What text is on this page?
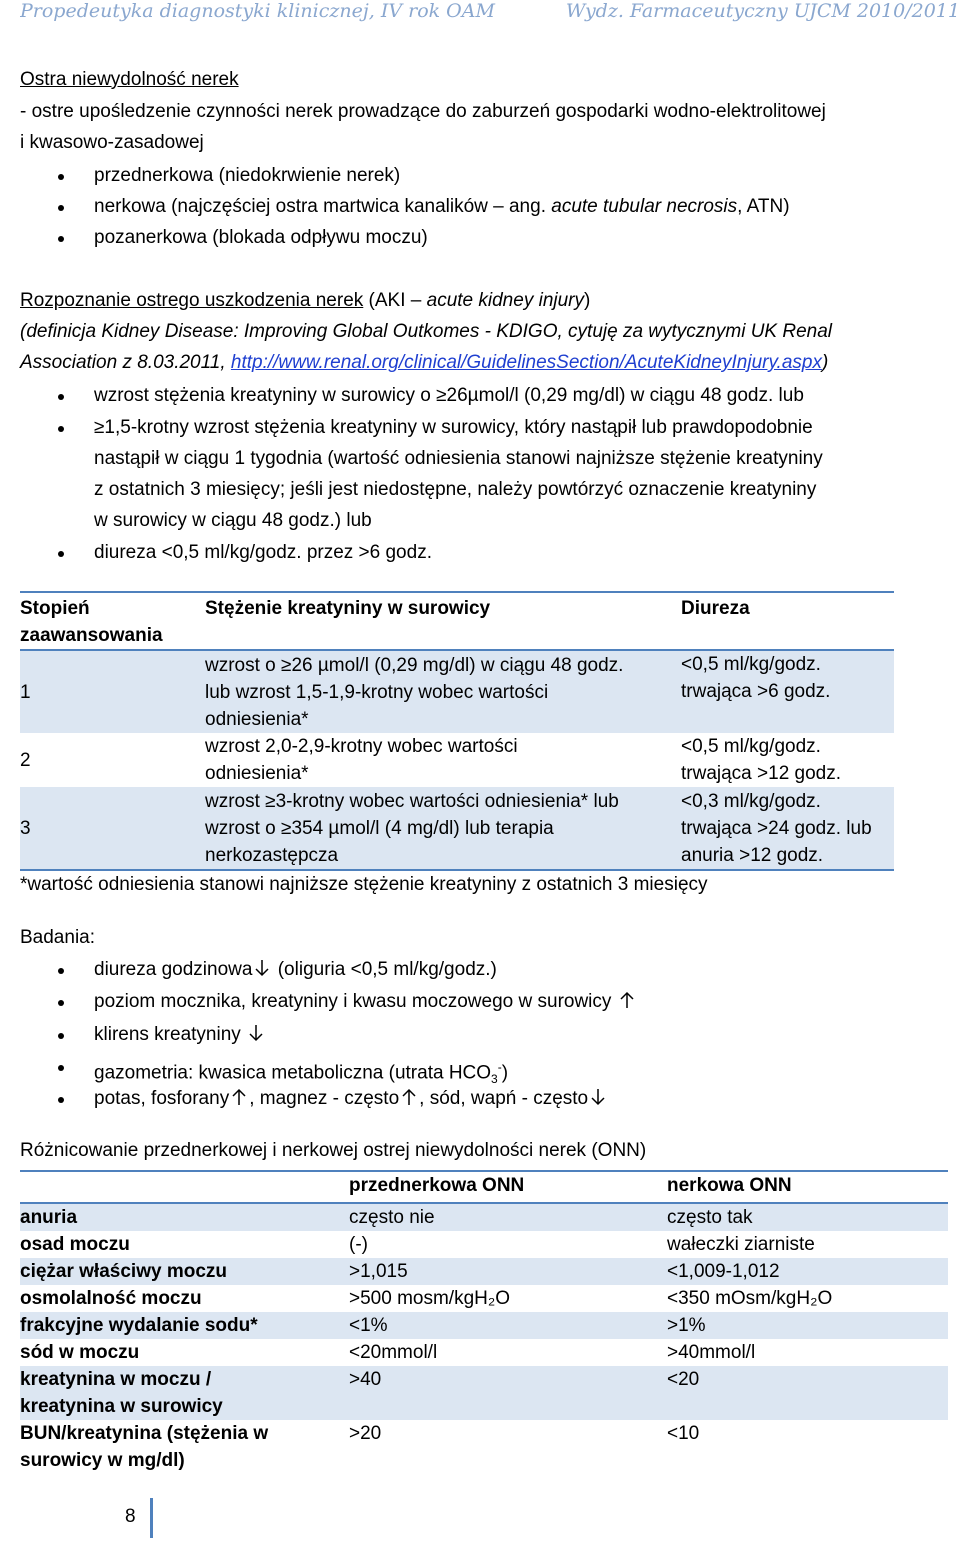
Propedeutyka diagnostyki klinicznej, IV rok OAM	Wydz. Farmaceutyczny UJCM 2010/2011
Ostra niewydolność nerek
- ostre upośledzenie czynności nerek prowadzące do zaburzeń gospodarki wodno-elektrolitowej
i kwasowo-zasadowej
przednerkowa (niedokrwienie nerek)
nerkowa (najczęściej ostra martwica kanalików – ang. acute tubular necrosis, ATN)
pozanerkowa (blokada odpływu moczu)
Rozpoznanie ostrego uszkodzenia nerek (AKI – acute kidney injury)
(definicja Kidney Disease: Improving Global Outkomes - KDIGO, cytuję za wytycznymi UK Renal
Association z 8.03.2011, http://www.renal.org/clinical/GuidelinesSection/AcuteKidneyInjury.aspx)
wzrost stężenia kreatyniny w surowicy o ≥26µmol/l (0,29 mg/dl) w ciągu 48 godz. lub
≥1,5-krotny wzrost stężenia kreatyniny w surowicy, który nastąpił lub prawdopodobnie
nastąpił w ciągu 1 tygodnia (wartość odniesienia stanowi najniższe stężenie kreatyniny
z ostatnich 3 miesięcy; jeśli jest niedostępne, należy powtórzyć oznaczenie kreatyniny
w surowicy w ciągu 48 godz.) lub
diureza <0,5 ml/kg/godz. przez >6 godz.
Stopień zaawansowania	Stężenie kreatyniny w surowicy	Diureza
1	wzrost o ≥26 µmol/l (0,29 mg/dl) w ciągu 48 godz. lub wzrost 1,5-1,9-krotny wobec wartości odniesienia*	<0,5 ml/kg/godz. trwająca >6 godz.
2	wzrost 2,0-2,9-krotny wobec wartości odniesienia*	<0,5 ml/kg/godz. trwająca >12 godz.
3	wzrost ≥3-krotny wobec wartości odniesienia* lub wzrost o ≥354 µmol/l (4 mg/dl) lub terapia nerkozastępcza	<0,3 ml/kg/godz. trwająca >24 godz. lub anuria >12 godz.
*wartość odniesienia stanowi najniższe stężenie kreatyniny z ostatnich 3 miesięcy
Badania:
diureza godzinowa (oliguria <0,5 ml/kg/godz.)
poziom mocznika, kreatyniny i kwasu moczowego w surowicy
klirens kreatyniny
gazometria: kwasica metaboliczna (utrata $HCO_3^-$)
potas, fosforany , magnez - często , sód, wapń - często
Różnicowanie przednerkowej i nerkowej ostrej niewydolności nerek (ONN)
	przednerkowa ONN	nerkowa ONN
anuria	często nie	często tak
osad moczu	(-)	wałeczki ziarniste
ciężar właściwy moczu	>1,015	<1,009-1,012
osmolalność moczu	>500 mosm/kgH₂O	<350 mOsm/kgH₂O
frakcyjne wydalanie sodu*	<1%	>1%
sód w moczu	<20mmol/l	>40mmol/l
kreatynina w moczu / kreatynina w surowicy	>40	<20
BUN/kreatynina (stężenia w surowicy w mg/dl)	>20	<10
8
